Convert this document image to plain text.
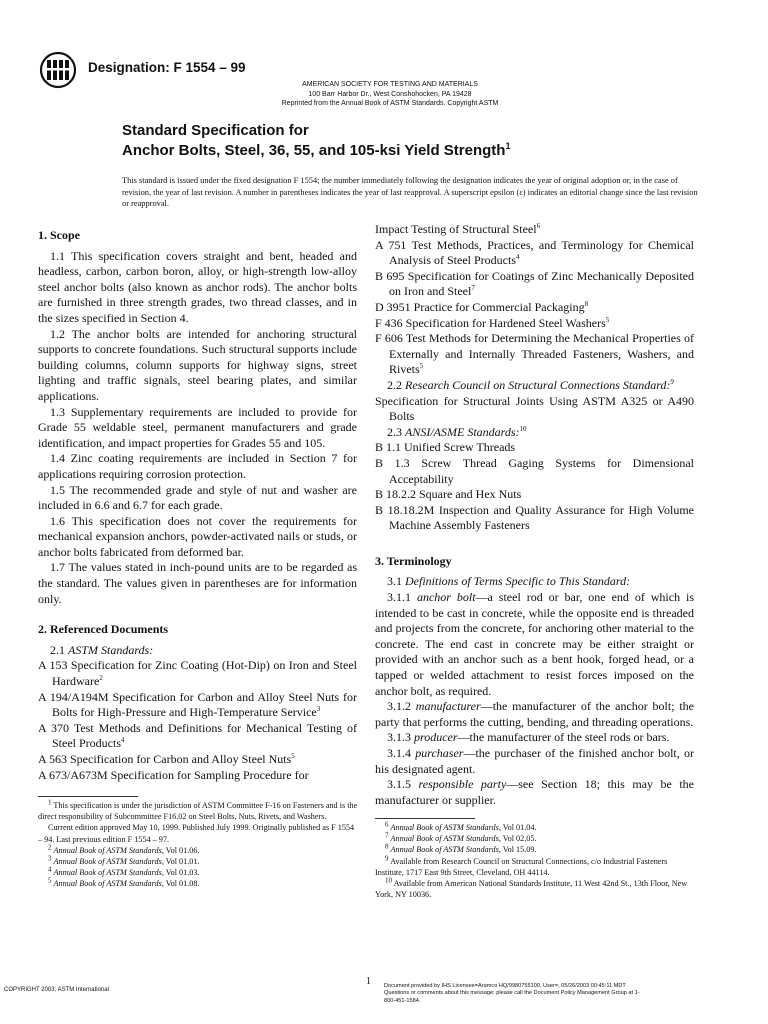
Designation: F 1554 – 99
AMERICAN SOCIETY FOR TESTING AND MATERIALS
100 Barr Harbor Dr., West Conshohocken, PA 19428
Reprinted from the Annual Book of ASTM Standards. Copyright ASTM
Standard Specification for
Anchor Bolts, Steel, 36, 55, and 105-ksi Yield Strength$^1$
This standard is issued under the fixed designation F 1554; the number immediately following the designation indicates the year of original adoption or, in the case of revision, the year of last revision. A number in parentheses indicates the year of last reapproval. A superscript epsilon (ε) indicates an editorial change since the last revision or reapproval.

1. Scope

1.1 This specification covers straight and bent, headed and headless, carbon, carbon boron, alloy, or high-strength low-alloy steel anchor bolts (also known as anchor rods). The anchor bolts are furnished in three strength grades, two thread classes, and in the sizes specified in Section 4.

1.2 The anchor bolts are intended for anchoring structural supports to concrete foundations. Such structural supports include building columns, column supports for highway signs, street lighting and traffic signals, steel bearing plates, and similar applications.

1.3 Supplementary requirements are included to provide for Grade 55 weldable steel, permanent manufacturers and grade identification, and impact properties for Grades 55 and 105.

1.4 Zinc coating requirements are included in Section 7 for applications requiring corrosion protection.

1.5 The recommended grade and style of nut and washer are included in 6.6 and 6.7 for each grade.

1.6 This specification does not cover the requirements for mechanical expansion anchors, powder-activated nails or studs, or anchor bolts fabricated from deformed bar.

1.7 The values stated in inch-pound units are to be regarded as the standard. The values given in parentheses are for information only.

2. Referenced Documents

2.1 ASTM Standards:

A 153 Specification for Zinc Coating (Hot-Dip) on Iron and Steel Hardware$^2$

A 194/A194M Specification for Carbon and Alloy Steel Nuts for Bolts for High-Pressure and High-Temperature Service$^3$

A 370 Test Methods and Definitions for Mechanical Testing of Steel Products$^4$

A 563 Specification for Carbon and Alloy Steel Nuts$^5$

A 673/A673M Specification for Sampling Procedure for

Impact Testing of Structural Steel$^6$

A 751 Test Methods, Practices, and Terminology for Chemical Analysis of Steel Products$^4$

B 695 Specification for Coatings of Zinc Mechanically Deposited on Iron and Steel$^7$

D 3951 Practice for Commercial Packaging$^8$

F 436 Specification for Hardened Steel Washers$^5$

F 606 Test Methods for Determining the Mechanical Properties of Externally and Internally Threaded Fasteners, Washers, and Rivets$^5$

2.2 Research Council on Structural Connections Standard:$^9$

Specification for Structural Joints Using ASTM A325 or A490 Bolts

2.3 ANSI/ASME Standards:$^{10}$

B 1.1 Unified Screw Threads

B 1.3 Screw Thread Gaging Systems for Dimensional Acceptability

B 18.2.2 Square and Hex Nuts

B 18.18.2M Inspection and Quality Assurance for High Volume Machine Assembly Fasteners

3. Terminology

3.1 Definitions of Terms Specific to This Standard:

3.1.1 anchor bolt—a steel rod or bar, one end of which is intended to be cast in concrete, while the opposite end is threaded and projects from the concrete, for anchoring other material to the concrete. The end cast in concrete may be either straight or provided with an anchor such as a bent hook, forged head, or a tapped or welded attachment to resist forces imposed on the anchor bolt, as required.

3.1.2 manufacturer—the manufacturer of the anchor bolt; the party that performs the cutting, bending, and threading operations.

3.1.3 producer—the manufacturer of the steel rods or bars.

3.1.4 purchaser—the purchaser of the finished anchor bolt, or his designated agent.

3.1.5 responsible party—see Section 18; this may be the manufacturer or supplier.

$^1$ This specification is under the jurisdiction of ASTM Committee F-16 on Fasteners and is the direct responsibility of Subcommittee F16.02 on Steel Bolts, Nuts, Rivets, and Washers.

Current edition approved May 10, 1999. Published July 1999. Originally published as F 1554 – 94. Last previous edition F 1554 – 97.

$^2$ Annual Book of ASTM Standards, Vol 01.06.

$^3$ Annual Book of ASTM Standards, Vol 01.01.

$^4$ Annual Book of ASTM Standards, Vol 01.03.

$^5$ Annual Book of ASTM Standards, Vol 01.08.

$^6$ Annual Book of ASTM Standards, Vol 01.04.

$^7$ Annual Book of ASTM Standards, Vol 02.05.

$^8$ Annual Book of ASTM Standards, Vol 15.09.

$^9$ Available from Research Council on Structural Connections, c/o Industrial Fasteners Institute, 1717 East 9th Street, Cleveland, OH 44114.

$^{10}$ Available from American National Standards Institute, 11 West 42nd St., 13th Floor, New York, NY 10036.

COPYRIGHT 2003; ASTM International
1 Document provided by IHS Licensee=Aramco HQ/9980755100, User=, 05/26/2003 00:45:11 MDT Questions or comments about this message: please call the Document Policy Management Group at 1-800-451-1584.
